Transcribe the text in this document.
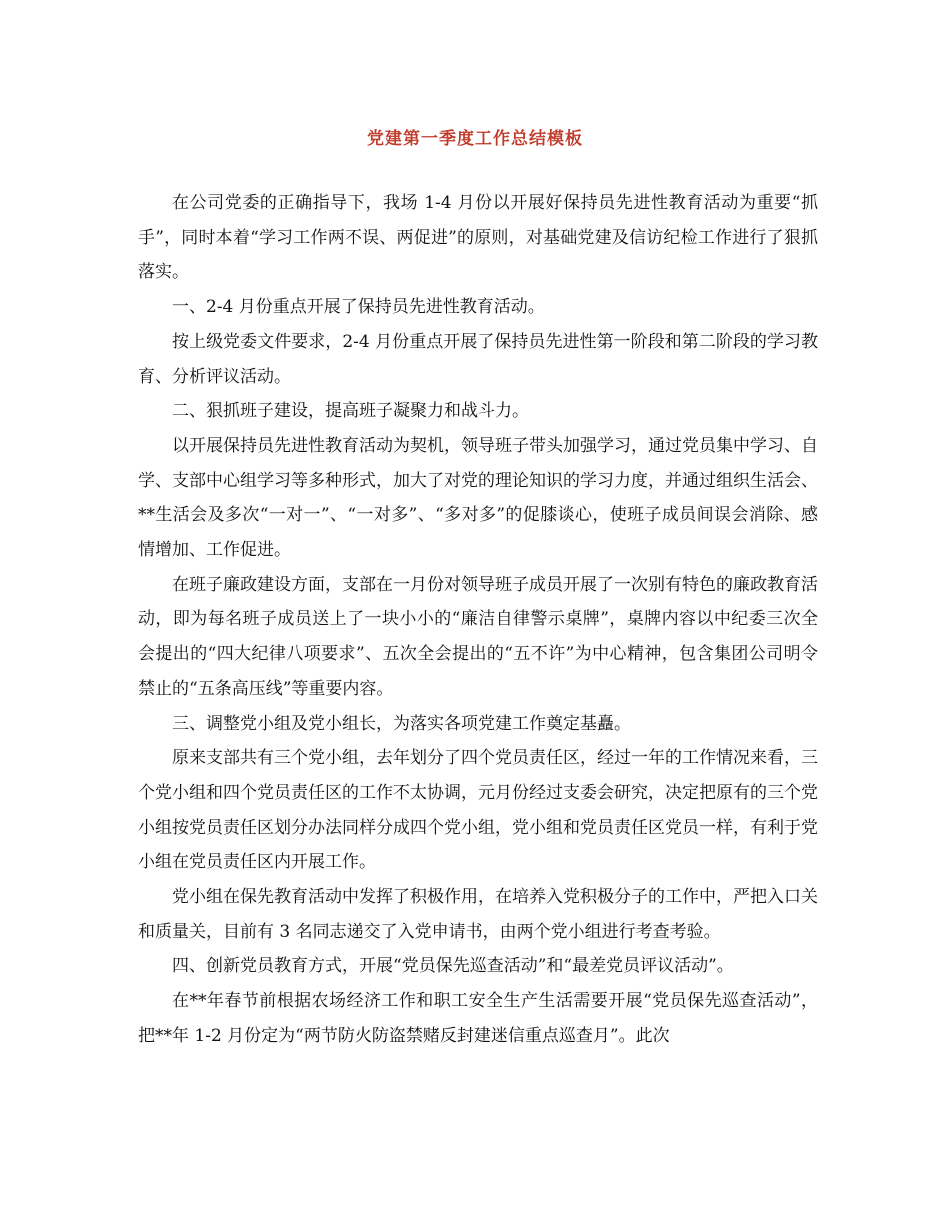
党建第一季度工作总结模板

在公司党委的正确指导下，我场 1-4 月份以开展好保持员先进性教育活动为重要“抓手”，同时本着“学习工作两不误、两促进”的原则，对基础党建及信访纪检工作进行了狠抓落实。

一、2-4 月份重点开展了保持员先进性教育活动。

按上级党委文件要求，2-4 月份重点开展了保持员先进性第一阶段和第二阶段的学习教育、分析评议活动。

二、狠抓班子建设，提高班子凝聚力和战斗力。

以开展保持员先进性教育活动为契机，领导班子带头加强学习，通过党员集中学习、自学、支部中心组学习等多种形式，加大了对党的理论知识的学习力度，并通过组织生活会、**生活会及多次“一对一”、“一对多”、“多对多”的促膝谈心，使班子成员间误会消除、感情增加、工作促进。

在班子廉政建设方面，支部在一月份对领导班子成员开展了一次别有特色的廉政教育活动，即为每名班子成员送上了一块小小的“廉洁自律警示桌牌”，桌牌内容以中纪委三次全会提出的“四大纪律八项要求”、五次全会提出的“五不许”为中心精神，包含集团公司明令禁止的“五条高压线”等重要内容。

三、调整党小组及党小组长，为落实各项党建工作奠定基矗。

原来支部共有三个党小组，去年划分了四个党员责任区，经过一年的工作情况来看，三个党小组和四个党员责任区的工作不太协调，元月份经过支委会研究，决定把原有的三个党小组按党员责任区划分办法同样分成四个党小组，党小组和党员责任区党员一样，有利于党小组在党员责任区内开展工作。

党小组在保先教育活动中发挥了积极作用，在培养入党积极分子的工作中，严把入口关和质量关，目前有 3 名同志递交了入党申请书，由两个党小组进行考查考验。

四、创新党员教育方式，开展“党员保先巡查活动”和“最差党员评议活动”。

在**年春节前根据农场经济工作和职工安全生产生活需要开展“党员保先巡查活动”，把**年 1-2 月份定为“两节防火防盗禁赌反封建迷信重点巡查月”。此次
